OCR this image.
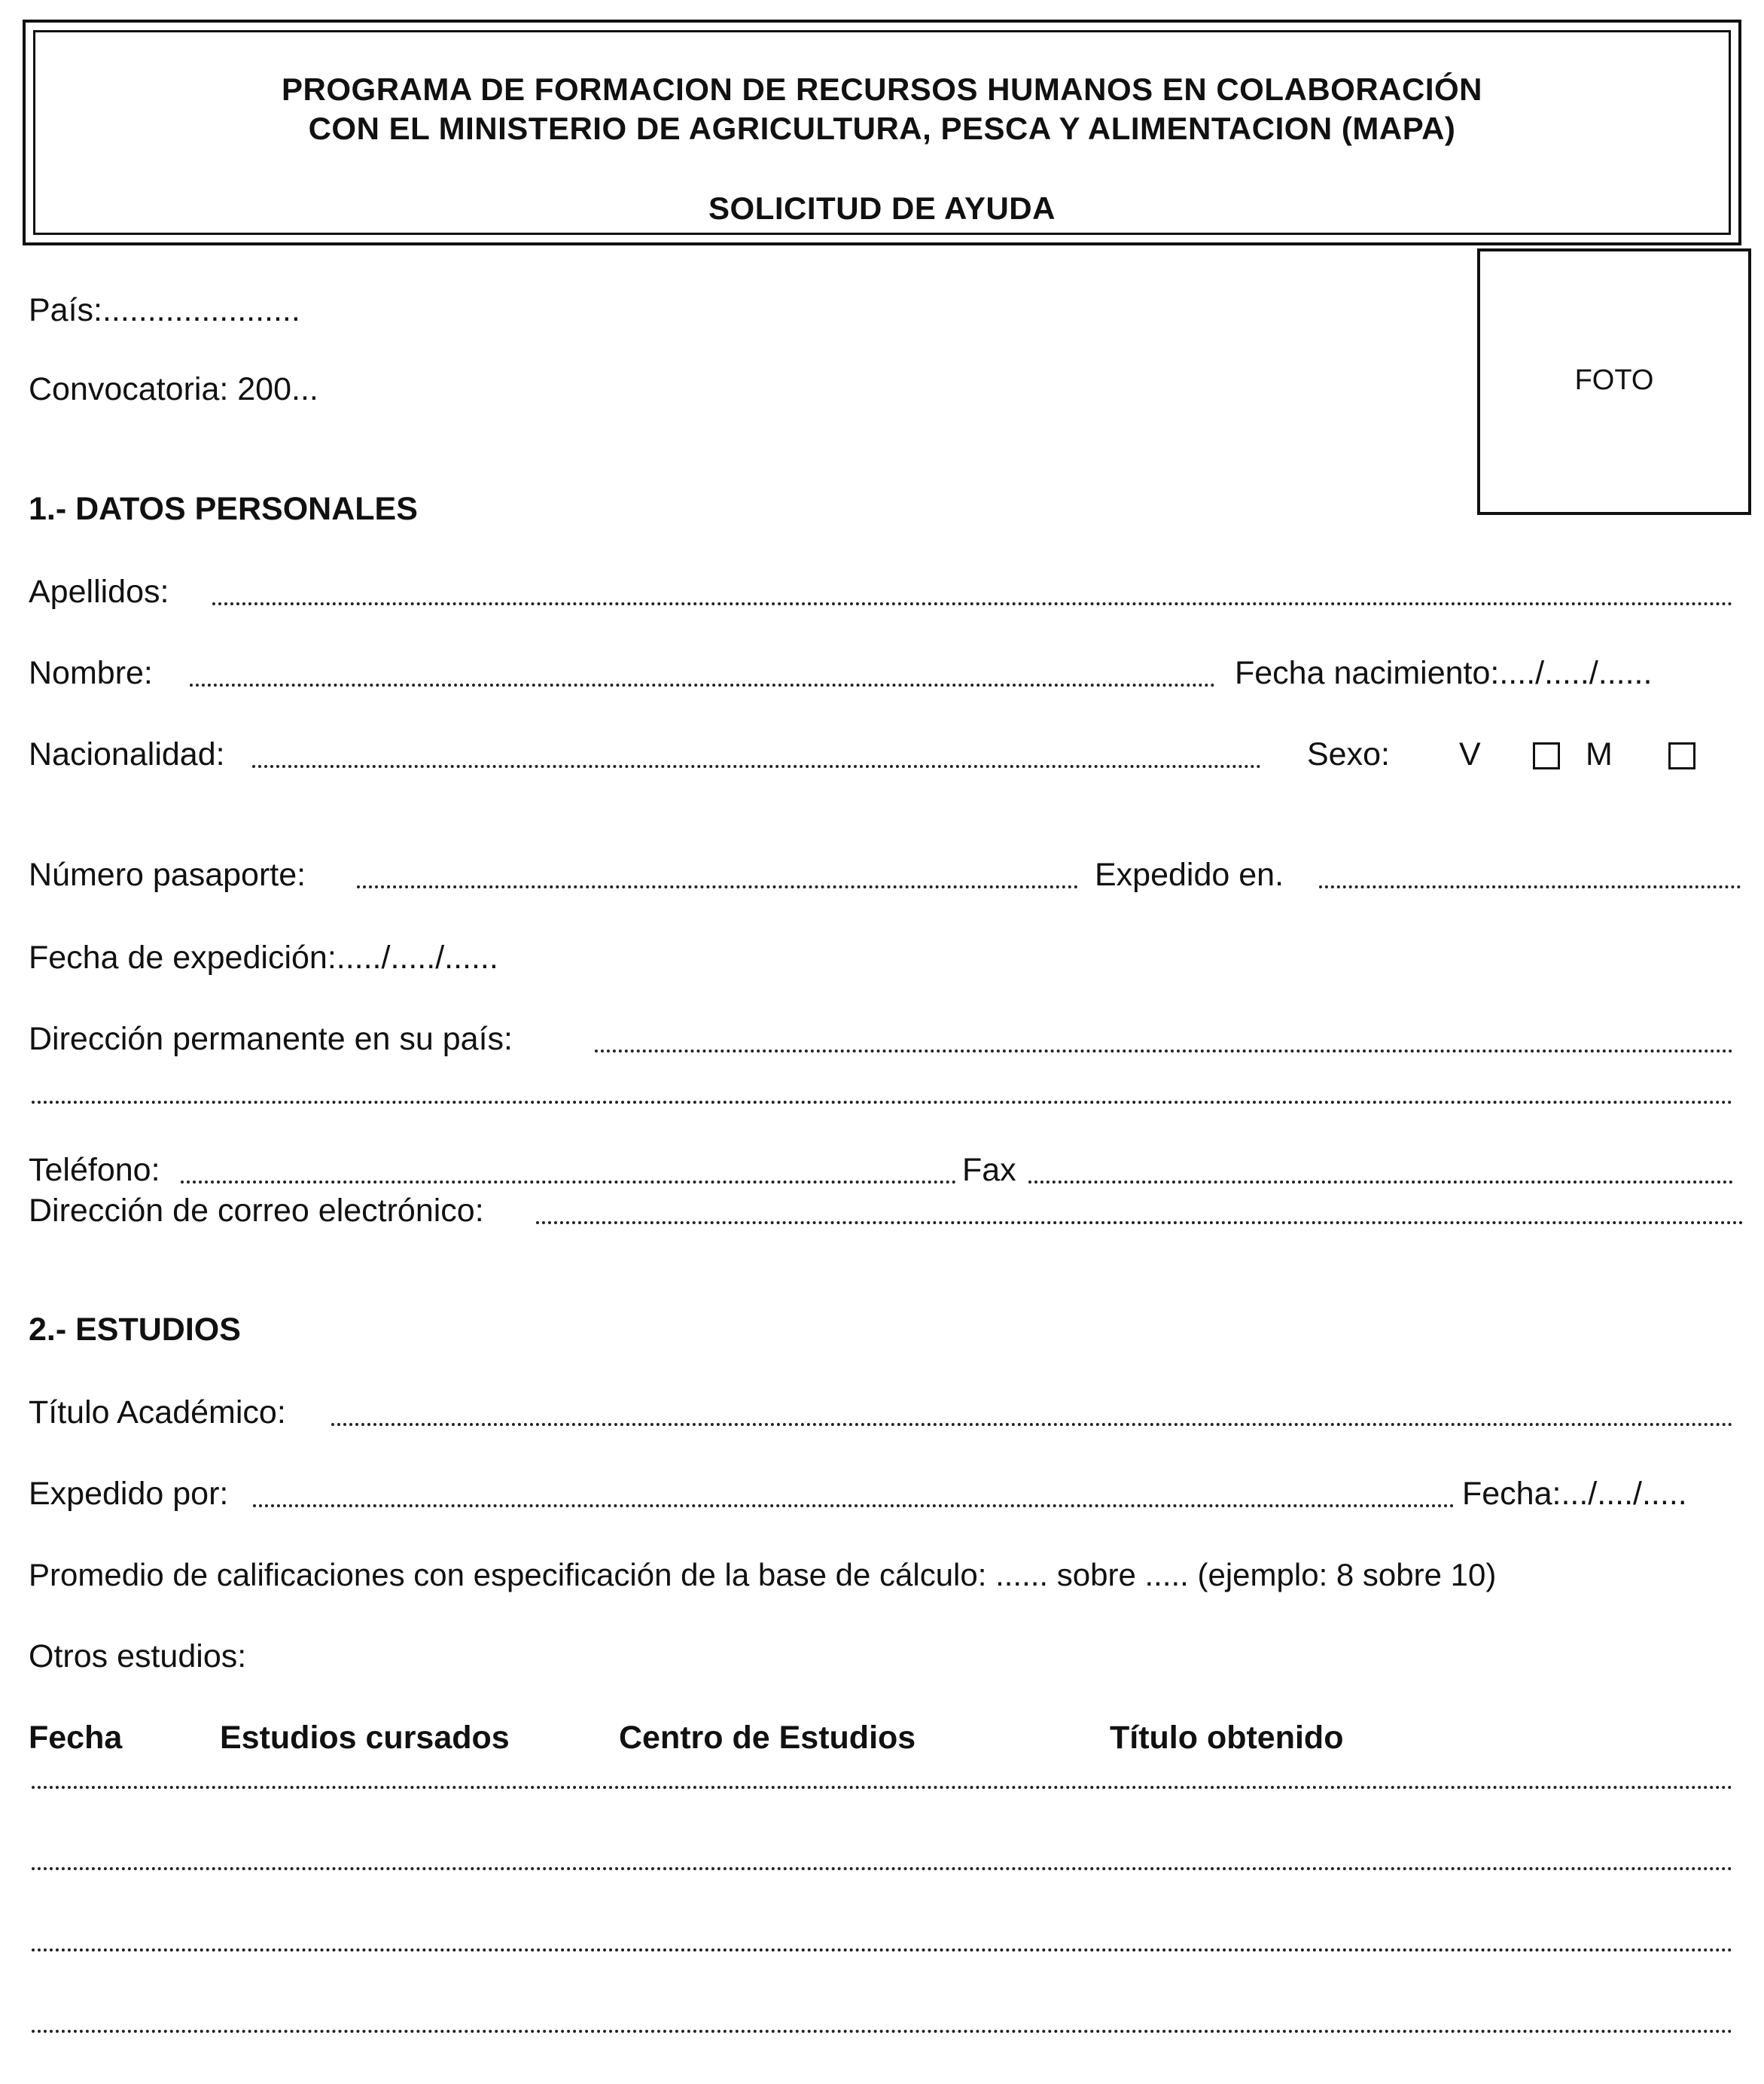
PROGRAMA DE FORMACION DE RECURSOS HUMANOS EN COLABORACIÓN
CON EL MINISTERIO DE AGRICULTURA, PESCA Y ALIMENTACION (MAPA)
SOLICITUD DE AYUDA
FOTO
País:......................
Convocatoria: 200...
1.- DATOS PERSONALES
Apellidos:
Nombre:	Fecha nacimiento:..../...../......
Nacionalidad:	Sexo: V	M
Número pasaporte:	Expedido en.
Fecha de expedición:...../...../......
Dirección permanente en su país:
Teléfono:	Fax
Dirección de correo electrónico:
2.- ESTUDIOS
Título Académico:
Expedido por:	Fecha:.../..../.....
Promedio de calificaciones con especificación de la base de cálculo: ...... sobre ..... (ejemplo: 8 sobre 10)
Otros estudios:
Fecha	Estudios cursados	Centro de Estudios	Título obtenido
